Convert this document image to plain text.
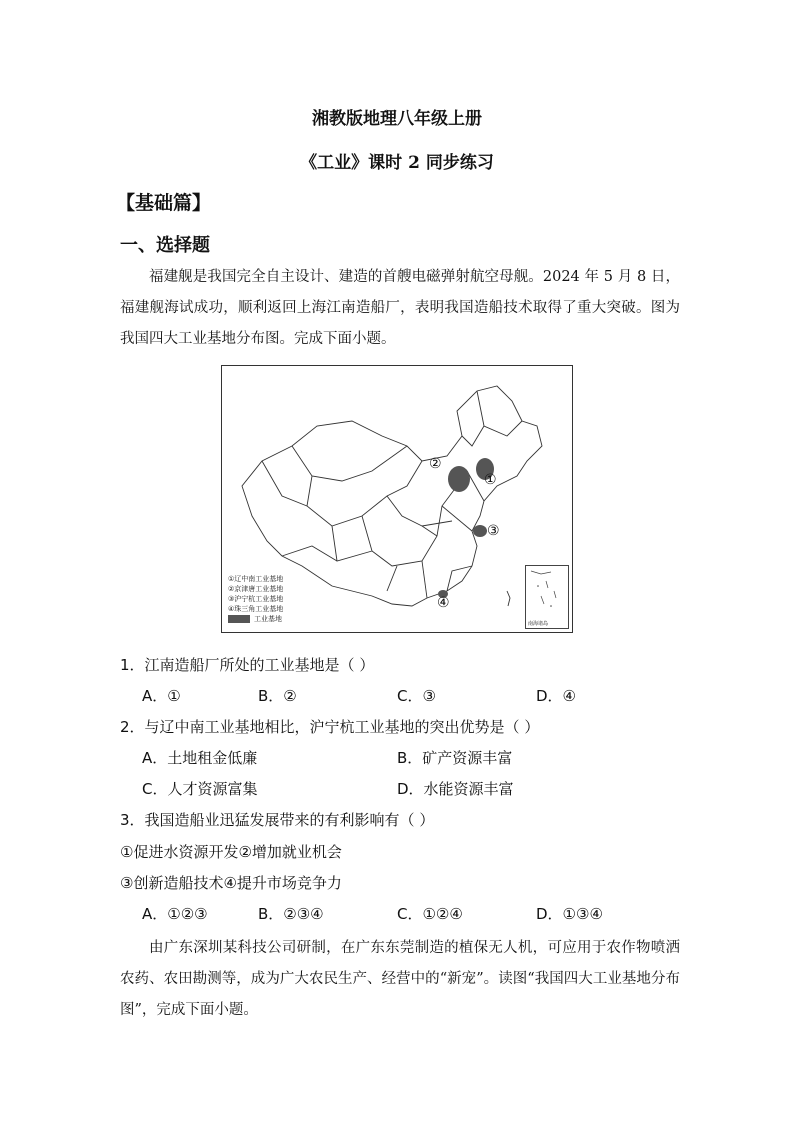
湘教版地理八年级上册
《工业》课时 2 同步练习
【基础篇】
一、选择题
福建舰是我国完全自主设计、建造的首艘电磁弹射航空母舰。2024 年 5 月 8 日，福建舰海试成功，顺利返回上海江南造船厂，表明我国造船技术取得了重大突破。图为我国四大工业基地分布图。完成下面小题。
②
①
③
④
①辽中南工业基地
②京津唐工业基地
③沪宁杭工业基地
④珠三角工业基地
工业基地
南海诸岛
1．江南造船厂所处的工业基地是（ ）
A．①	B．②	C．③	D．④
2．与辽中南工业基地相比，沪宁杭工业基地的突出优势是（ ）
A．土地租金低廉	B．矿产资源丰富
C．人才资源富集	D．水能资源丰富
3．我国造船业迅猛发展带来的有利影响有（ ）
①促进水资源开发②增加就业机会
③创新造船技术④提升市场竞争力
A．①②③	B．②③④	C．①②④	D．①③④
由广东深圳某科技公司研制，在广东东莞制造的植保无人机，可应用于农作物喷洒农药、农田勘测等，成为广大农民生产、经营中的“新宠”。读图“我国四大工业基地分布图”，完成下面小题。
